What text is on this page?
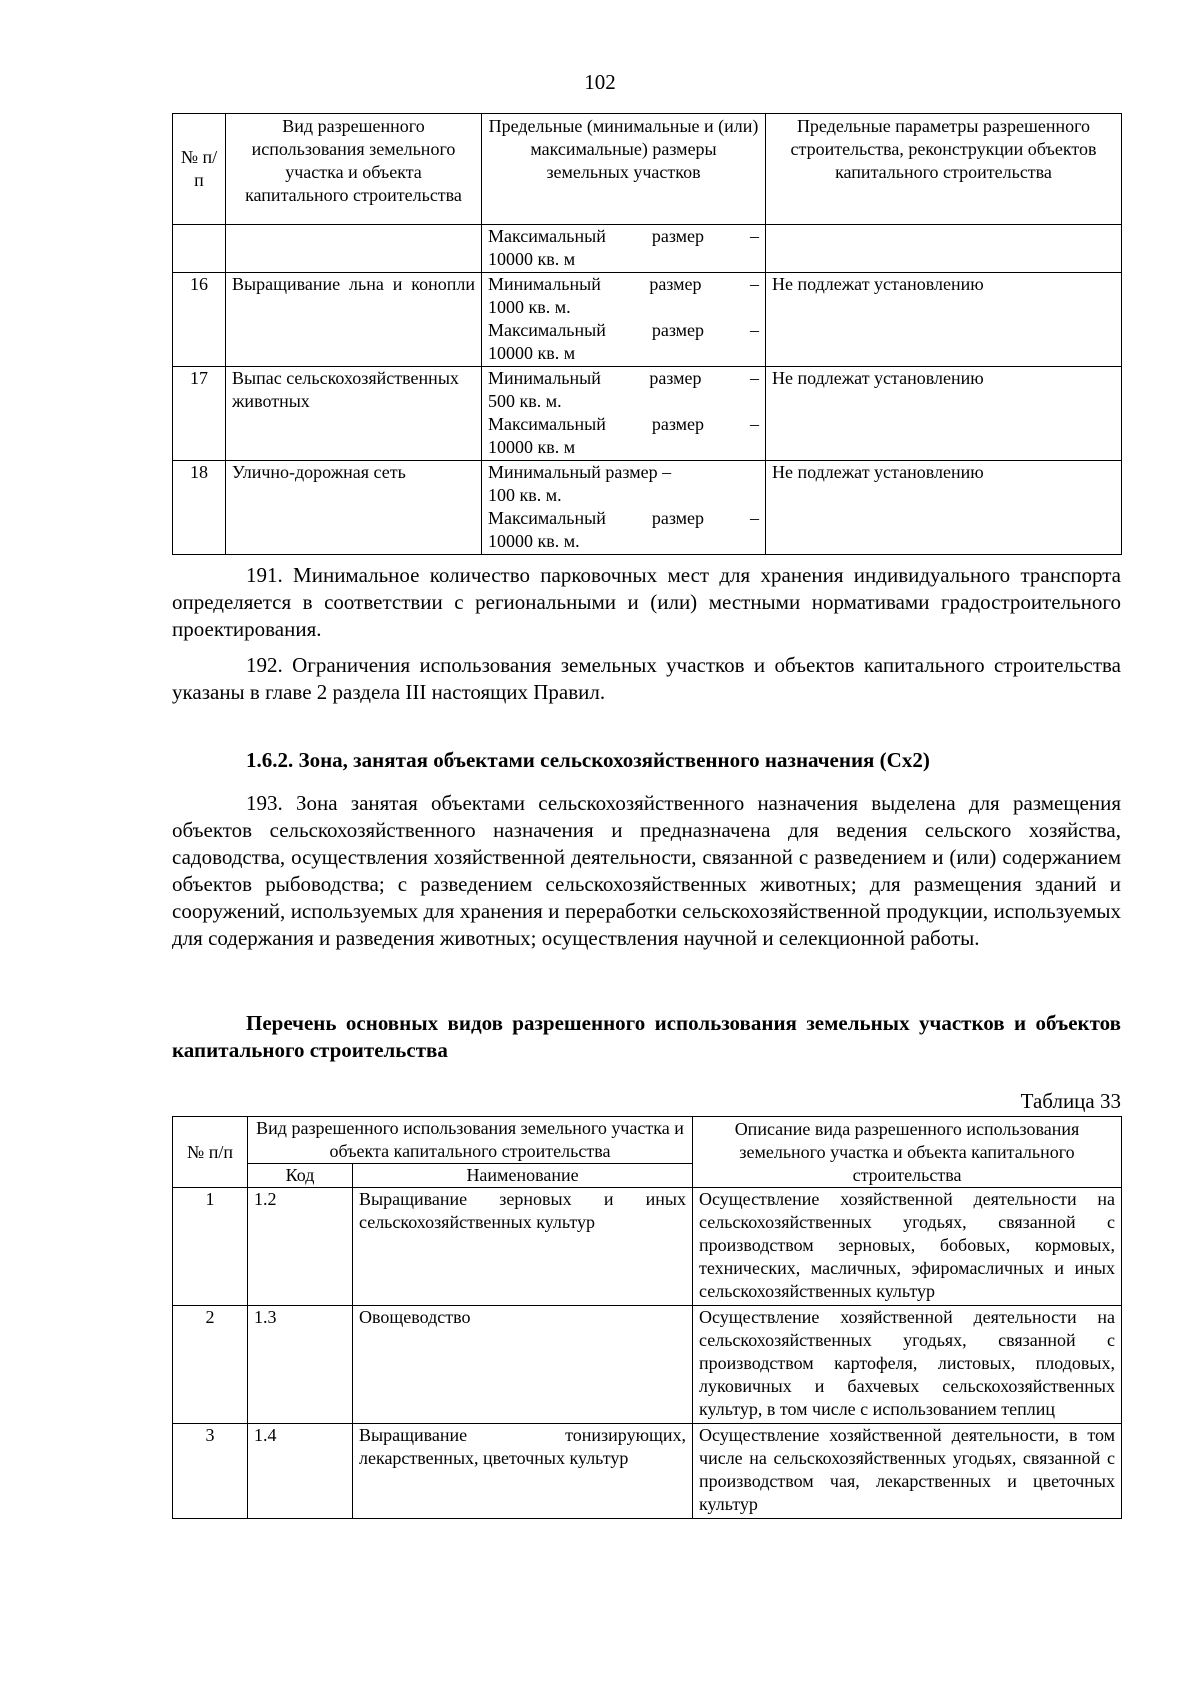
102
№ п/п	Вид разрешенного использования земельного участка и объекта капитального строительства	Предельные (минимальные и (или) максимальные) размеры земельных участков	Предельные параметры разрешенного строительства, реконструкции объектов капитального строительства

		Максимальный размер –
10000 кв. м	

16	Выращивание льна и конопли	Минимальный размер –
1000 кв. м.
Максимальный размер –
10000 кв. м	Не подлежат установлению
17	Выпас сельскохозяйственных животных	Минимальный размер –
500 кв. м.
Максимальный размер –
10000 кв. м	Не подлежат установлению
18	Улично-дорожная сеть	Минимальный размер –
100 кв. м.
Максимальный размер –
10000 кв. м.	Не подлежат установлению

191. Минимальное количество парковочных мест для хранения индивидуального транспорта определяется в соответствии с региональными и (или) местными нормативами градостроительного проектирования.

192. Ограничения использования земельных участков и объектов капитального строительства указаны в главе 2 раздела III настоящих Правил.

1.6.2. Зона, занятая объектами сельскохозяйственного назначения (Сх2)

193. Зона занятая объектами сельскохозяйственного назначения выделена для размещения объектов сельскохозяйственного назначения и предназначена для ведения сельского хозяйства, садоводства, осуществления хозяйственной деятельности, связанной с разведением и (или) содержанием объектов рыбоводства; с разведением сельскохозяйственных животных; для размещения зданий и сооружений, используемых для хранения и переработки сельскохозяйственной продукции, используемых для содержания и разведения животных; осуществления научной и селекционной работы.

Перечень основных видов разрешенного использования земельных участков и объектов капитального строительства

Таблица 33
№ п/п	Вид разрешенного использования земельного участка и объекта капитального строительства		Описание вида разрешенного использования земельного участка и объекта капитального строительства
	Код	Наименование	
1	1.2	Выращивание зерновых и иных сельскохозяйственных культур	Осуществление хозяйственной деятельности на сельскохозяйственных угодьях, связанной с производством зерновых, бобовых, кормовых, технических, масличных, эфиромасличных и иных сельскохозяйственных культур
2	1.3	Овощеводство	Осуществление хозяйственной деятельности на сельскохозяйственных угодьях, связанной с производством картофеля, листовых, плодовых, луковичных и бахчевых сельскохозяйственных культур, в том числе с использованием теплиц
3	1.4	Выращивание тонизирующих, лекарственных, цветочных культур	Осуществление хозяйственной деятельности, в том числе на сельскохозяйственных угодьях, связанной с производством чая, лекарственных и цветочных культур
